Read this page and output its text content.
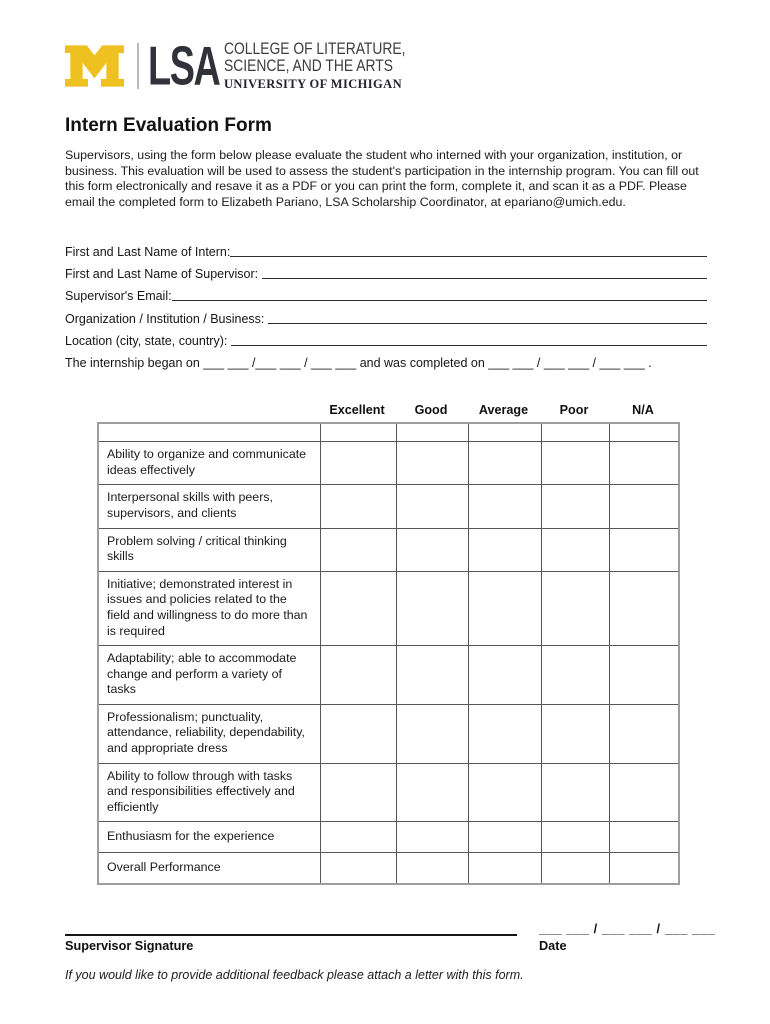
LSA COLLEGE OF LITERATURE,
SCIENCE, AND THE ARTS
UNIVERSITY OF MICHIGAN
Intern Evaluation Form
Supervisors, using the form below please evaluate the student who interned with your organization, institution, or business. This evaluation will be used to assess the student's participation in the internship program. You can fill out this form electronically and resave it as a PDF or you can print the form, complete it, and scan it as a PDF. Please email the completed form to Elizabeth Pariano, LSA Scholarship Coordinator, at epariano@umich.edu.
First and Last Name of Intern:
First and Last Name of Supervisor:
Supervisor's Email:
Organization / Institution / Business:
Location (city, state, country):
The internship began on ___ ___ /___ ___ / ___ ___ and was completed on ___ ___ / ___ ___ / ___ ___ .
Excellent	Good	Average	Poor	N/A

Ability to organize and communicate ideas effectively					
Interpersonal skills with peers, supervisors, and clients					
Problem solving / critical thinking skills					
Initiative; demonstrated interest in issues and policies related to the field and willingness to do more than is required					
Adaptability; able to accommodate change and perform a variety of tasks					
Professionalism; punctuality, attendance, reliability, dependability, and appropriate dress					
Ability to follow through with tasks and responsibilities effectively and efficiently					
Enthusiasm for the experience					
Overall Performance					
Supervisor Signature
___ ___ / ___ ___ / ___ ___
Date
If you would like to provide additional feedback please attach a letter with this form.
